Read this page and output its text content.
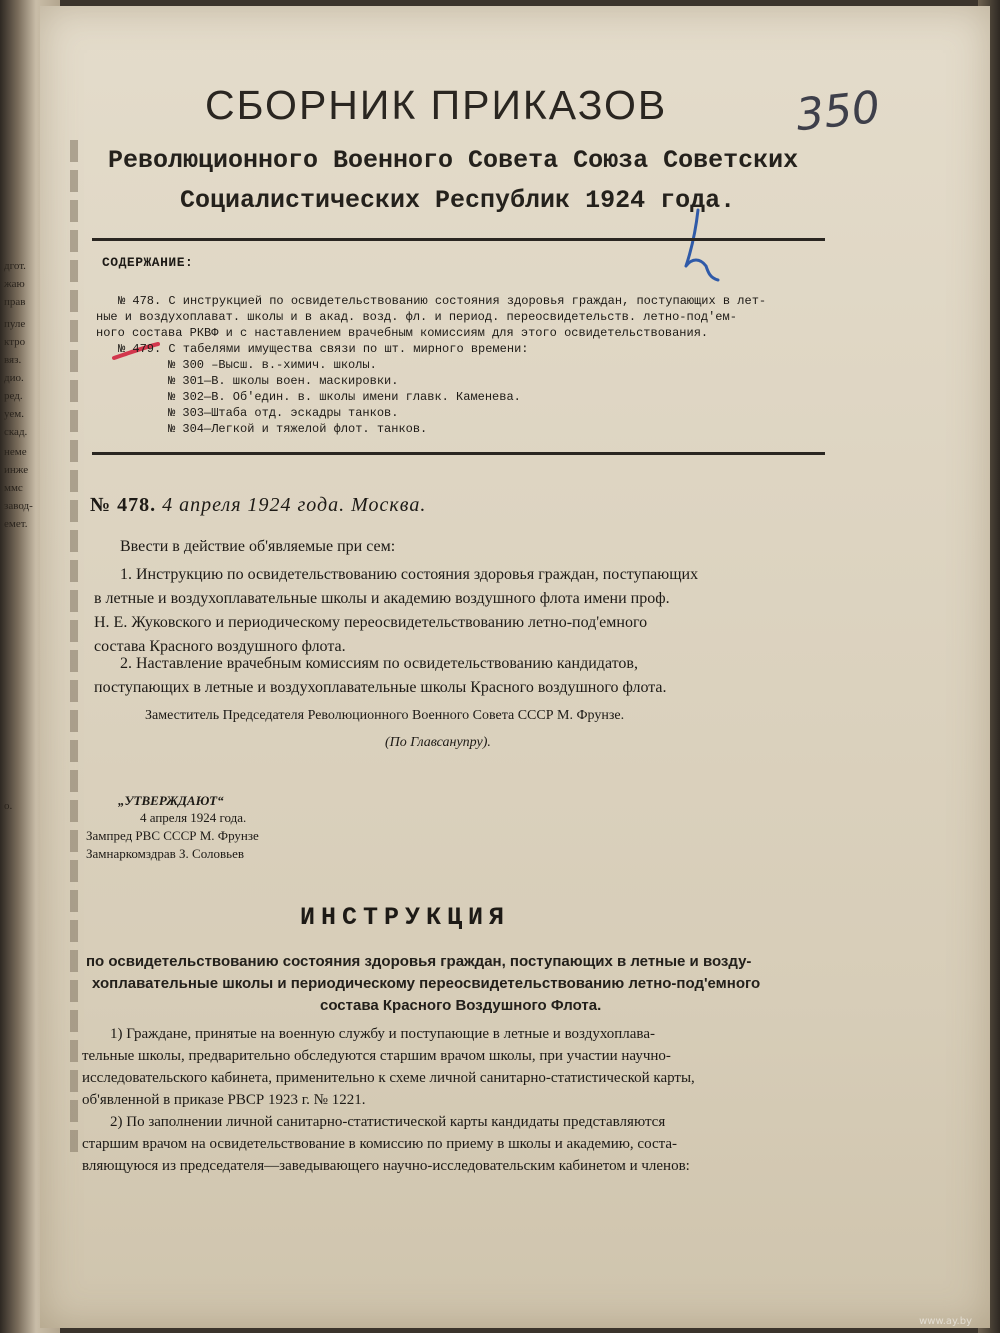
дгот.
жаю
прав
пуле
ктро
вяз.
дио.
ред.
уем.
скад.
неме
инже
ммс
завод-
емет.
о.
СБОРНИК ПРИКАЗОВ	350
Революционного Военного Совета Союза Советских
Социалистических Республик 1924 года.
СОДЕРЖАНИЕ:
№ 478. С инструкцией по освидетельствованию состояния здоровья граждан, поступающих в лет-
ные и воздухоплават. школы и в акад. возд. фл. и период. переосвидетельств. летно-под'ем-
ного состава РКВФ и с наставлением врачебным комиссиям для этого освидетельствования.
№ 479. С табелями имущества связи по шт. мирного времени:
№ 300 –Высш. в.-химич. школы.
№ 301—В. школы воен. маскировки.
№ 302—В. Об'един. в. школы имени главк. Каменева.
№ 303—Штаба отд. эскадры танков.
№ 304—Легкой и тяжелой флот. танков.
№ 478. 4 апреля 1924 года. Москва.
Ввести в действие об'являемые при сем:
1. Инструкцию по освидетельствованию состояния здоровья граждан, поступающих
в летные и воздухоплавательные школы и академию воздушного флота имени проф.
Н. Е. Жуковского и периодическому переосвидетельствованию летно-под'емного
состава Красного воздушного флота.
2. Наставление врачебным комиссиям по освидетельствованию кандидатов,
поступающих в летные и воздухоплавательные школы Красного воздушного флота.
Заместитель Председателя Революционного Военного Совета СССР М. Фрунзе.
(По Главсанупру).
„УТВЕРЖДАЮТ“
4 апреля 1924 года.
Зампред РВС СССР М. Фрунзе
Замнаркомздрав З. Соловьев
ИНСТРУКЦИЯ
по освидетельствованию состояния здоровья граждан, поступающих в летные и возду-
хоплавательные школы и периодическому переосвидетельствованию летно-под'емного
состава Красного Воздушного Флота.
1) Граждане, принятые на военную службу и поступающие в летные и воздухоплава-
тельные школы, предварительно обследуются старшим врачом школы, при участии научно-
исследовательского кабинета, применительно к схеме личной санитарно-статистической карты,
об'явленной в приказе РВСР 1923 г. № 1221.
2) По заполнении личной санитарно-статистической карты кандидаты представляются
старшим врачом на освидетельствование в комиссию по приему в школы и академию, соста-
вляющуюся из председателя—заведывающего научно-исследовательским кабинетом и членов:
www.ay.by
